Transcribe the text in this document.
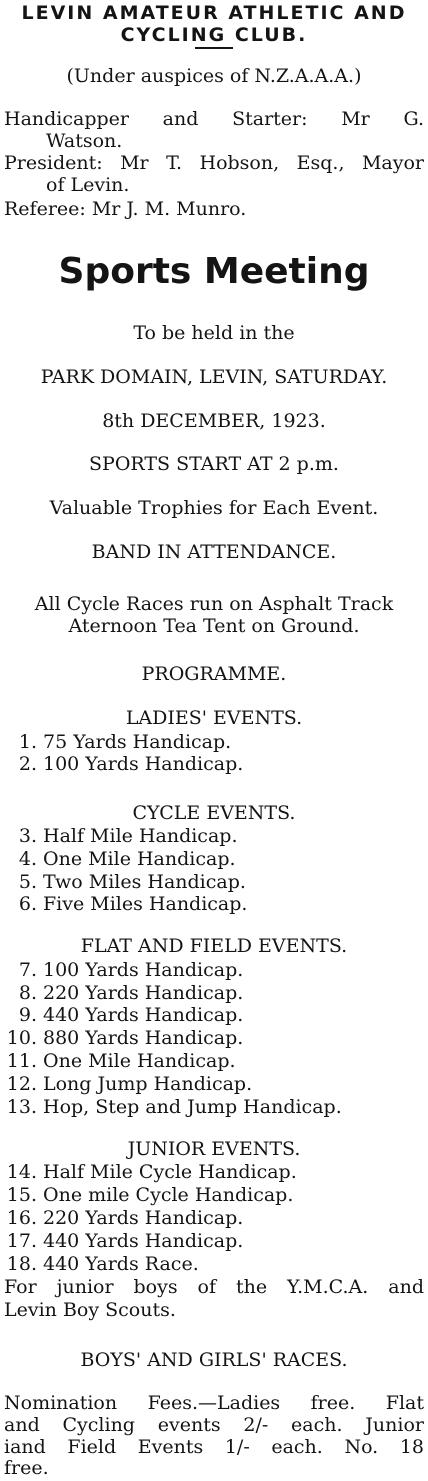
LEVIN AMATEUR ATHLETIC AND
CYCLING CLUB.
(Under auspices of N.Z.A.A.A.)
Handicapper and Starter: Mr G.
Watson.
President: Mr T. Hobson, Esq., Mayor
of Levin.
Referee: Mr J. M. Munro.
Sports Meeting
To be held in the
PARK DOMAIN, LEVIN, SATURDAY.
8th DECEMBER, 1923.
SPORTS START AT 2 p.m.
Valuable Trophies for Each Event.
BAND IN ATTENDANCE.
All Cycle Races run on Asphalt Track
Aternoon Tea Tent on Ground.
PROGRAMME.
LADIES' EVENTS.
1. 75 Yards Handicap.
2. 100 Yards Handicap.
CYCLE EVENTS.
3. Half Mile Handicap.
4. One Mile Handicap.
5. Two Miles Handicap.
6. Five Miles Handicap.
FLAT AND FIELD EVENTS.
7. 100 Yards Handicap.
8. 220 Yards Handicap.
9. 440 Yards Handicap.
10. 880 Yards Handicap.
11. One Mile Handicap.
12. Long Jump Handicap.
13. Hop, Step and Jump Handicap.
JUNIOR EVENTS.
14. Half Mile Cycle Handicap.
15. One mile Cycle Handicap.
16. 220 Yards Handicap.
17. 440 Yards Handicap.
18. 440 Yards Race.
For junior boys of the Y.M.C.A. and
Levin Boy Scouts.
BOYS' AND GIRLS' RACES.
Nomination Fees.—Ladies free. Flat
and Cycling events 2/- each. Junior
iand Field Events 1/- each. No. 18
free.
